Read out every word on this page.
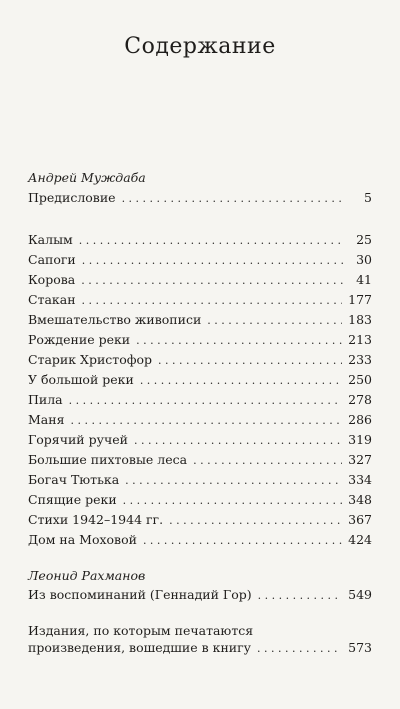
Содержание
Андрей Муждаба
Предисловие . . .	5
Калым . . .	25
Сапоги . . .	30
Корова . . .	41
Стакан . . .	177
Вмешательство живописи . . .	183
Рождение реки . . .	213
Старик Христофор . . .	233
У большой реки . . .	250
Пила . . .	278
Маня . . .	286
Горячий ручей . . .	319
Большие пихтовые леса . . .	327
Богач Тютька . . .	334
Спящие реки . . .	348
Стихи 1942–1944 гг. . . .	367
Дом на Моховой . . .	424
Леонид Рахманов
Из воспоминаний (Геннадий Гор) . . .	549
Издания, по которым печатаются
произведения, вошедшие в книгу . . .	573
